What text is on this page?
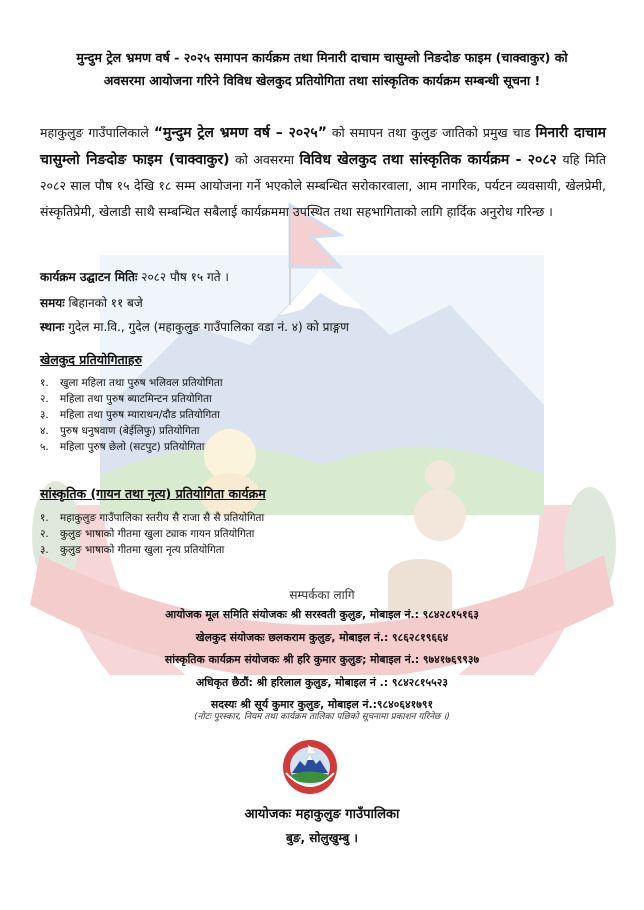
मुन्दुम ट्रेल भ्रमण वर्ष - २०२५ समापन कार्यक्रम तथा मिनारी दाचाम चासुम्लो निङदोङ फाइम (चाक्वाकुर) को
अवसरमा आयोजना गरिने विविध खेलकुद प्रतियोगिता तथा सांस्कृतिक कार्यक्रम सम्बन्धी सूचना !
महाकुलुङ गाउँपालिकाले “मुन्दुम ट्रेल भ्रमण वर्ष – २०२५” को समापन तथा कुलुङ जातिको प्रमुख चाड मिनारी दाचाम चासुम्लो निङदोङ फाइम (चाक्वाकुर) को अवसरमा विविध खेलकुद तथा सांस्कृतिक कार्यक्रम - २०८२ यहि मिति २०८२ साल पौष १५ देखि १८ सम्म आयोजना गर्ने भएकोले सम्बन्धित सरोकारवाला, आम नागरिक, पर्यटन व्यवसायी, खेलप्रेमी, संस्कृतिप्रेमी, खेलाडी साथै सम्बन्धित सबैलाई कार्यक्रममा उपस्थित तथा सहभागिताको लागि हार्दिक अनुरोध गरिन्छ ।
कार्यक्रम उद्घाटन मितिः २०८२ पौष १५ गते ।
समयः बिहानको ११ बजे
स्थानः गुदेल मा.वि., गुदेल (महाकुलुङ गाउँपालिका वडा नं. ४) को प्राङ्गण
खेलकुद प्रतियोगिताहरु
१. खुला महिला तथा पुरुष भलिवल प्रतियोगिता
२. महिला तथा पुरुष ब्याटमिन्टन प्रतियोगिता
३. महिला तथा पुरुष म्याराथन/दौड प्रतियोगिता
४. पुरुष धनुषवाण (बेईलिफु) प्रतियोगिता
५. महिला पुरुष छेलो (सटपुट) प्रतियोगिता
सांस्कृतिक (गायन तथा नृत्य) प्रतियोगिता कार्यक्रम
१. महाकुलुङ गाउँपालिका स्तरीय सै राजा सै सै प्रतियोगिता
२. कुलुङ भाषाको गीतमा खुला ट्याक गायन प्रतियोगिता
३. कुलुङ भाषाको गीतमा खुला नृत्य प्रतियोगिता
सम्पर्कका लागि
आयोजक मूल समिति संयोजकः श्री सरस्वती कुलुङ, मोबाइल नं.: ९८४२८१५१६३
खेलकुद संयोजकः छलकराम कुलुङ, मोबाइल नं.: ९८६२८१९६६४
सांस्कृतिक कार्यक्रम संयोजकः श्री हरि कुमार कुलुङ; मोबाइल नं.: ९७४१७६९९३७
अधिकृत छैठौं: श्री हरिलाल कुलुङ, मोबाइल नं .: ९८४२८१५५२३
सदस्यः श्री सूर्य कुमार कुलुङ, मोबाइल नं.:९८४०६४१७९१
(नोटः पुरस्कार, नियम तथा कार्यक्रम तालिका पछिको सूचनामा प्रकाशन गरिनेछ ।)
आयोजकः महाकुलुङ गाउँपालिका
बुङ, सोलुखुम्बु ।
